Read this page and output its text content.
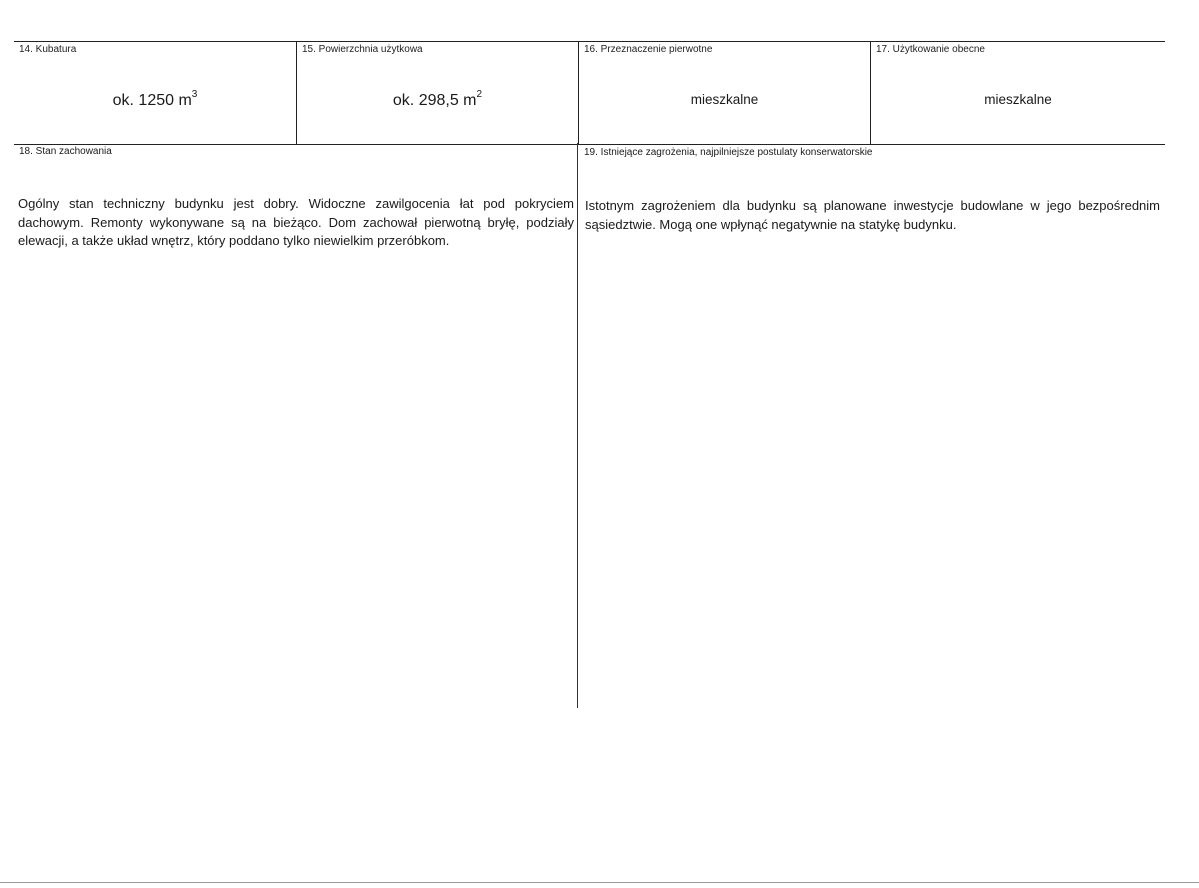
14. Kubatura
ok. 1250 $m^3$
15. Powierzchnia użytkowa
ok. 298,5 $m^2$
16. Przeznaczenie pierwotne
mieszkalne
17. Użytkowanie obecne
mieszkalne
18. Stan zachowania	19. Istniejące zagrożenia, najpilniejsze postulaty konserwatorskie
Ogólny stan techniczny budynku jest dobry. Widoczne zawilgocenia łat pod pokryciem dachowym. Remonty wykonywane są na bieżąco. Dom zachował pierwotną bryłę, podziały elewacji, a także układ wnętrz, który poddano tylko niewielkim przeróbkom.
Istotnym zagrożeniem dla budynku są planowane inwestycje budowlane w jego bezpośrednim sąsiedztwie. Mogą one wpłynąć negatywnie na statykę budynku.
